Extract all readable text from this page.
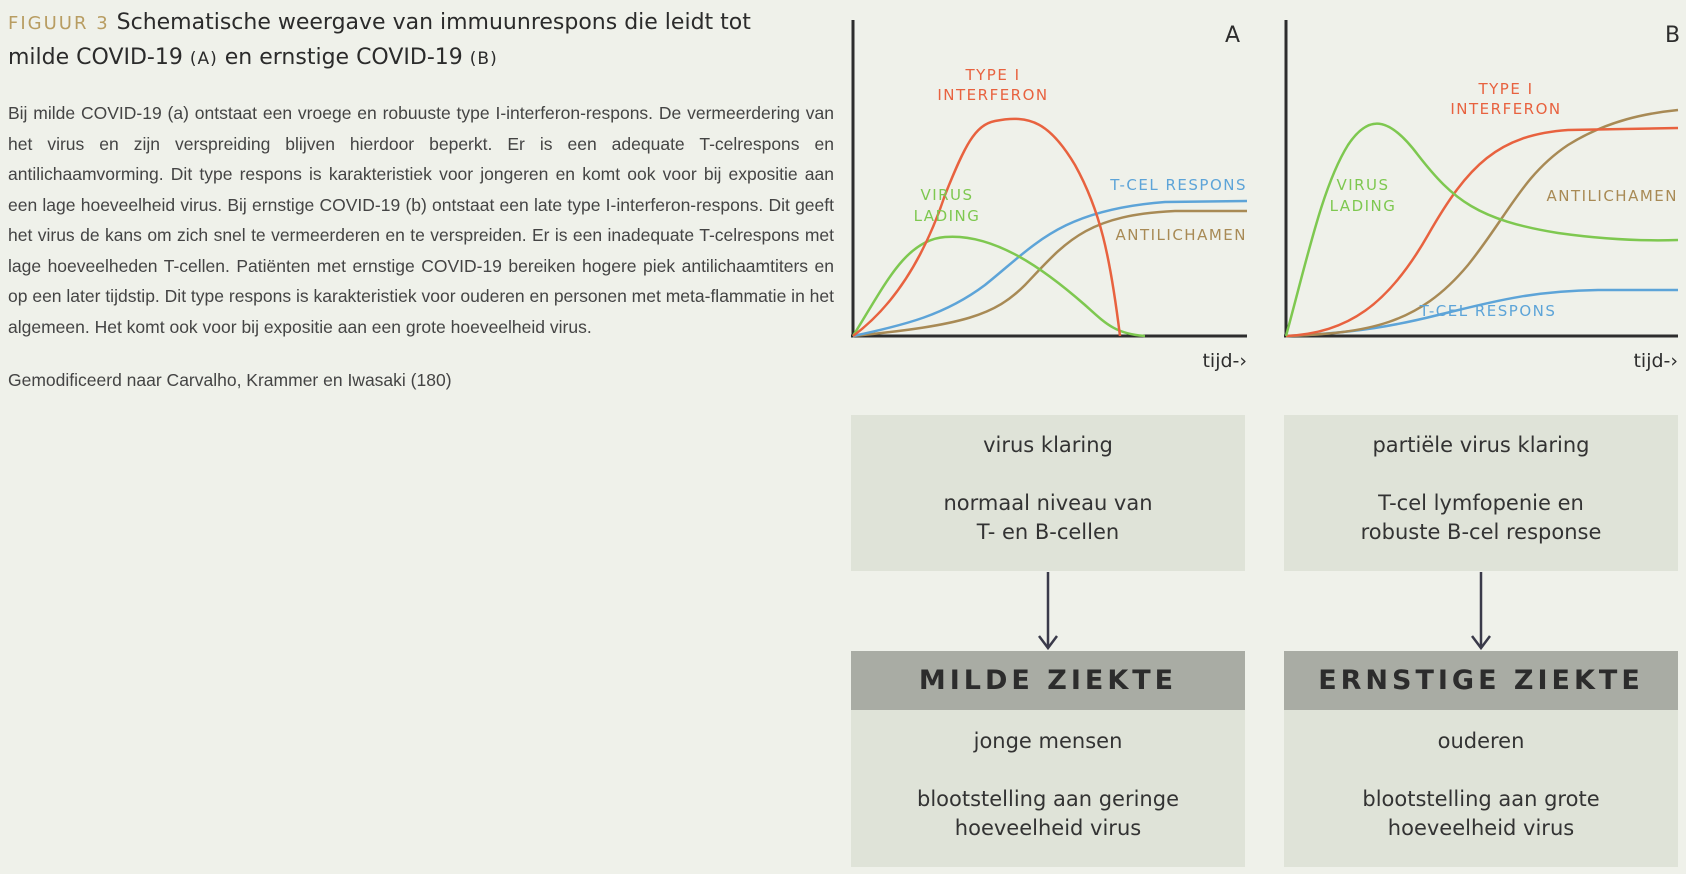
FIGUUR 3 Schematische weergave van immuunrespons die leidt tot milde COVID-19 (A) en ernstige COVID-19 (B)

Bij milde COVID-19 (a) ontstaat een vroege en robuuste type I-interferon-respons. De vermeerdering van het virus en zijn verspreiding blijven hierdoor beperkt. Er is een adequate T-celrespons en antilichaamvorming. Dit type respons is karakteristiek voor jongeren en komt ook voor bij expositie aan een lage hoeveelheid virus. Bij ernstige COVID-19 (b) ontstaat een late type I-interferon-respons. Dit geeft het virus de kans om zich snel te vermeerderen en te verspreiden. Er is een inadequate T-celrespons met lage hoeveelheden T-cellen. Patiënten met ernstige COVID-19 bereiken hogere piek antilichaamtiters en op een later tijdstip. Dit type respons is karakteristiek voor ouderen en personen met meta-flammatie in het algemeen. Het komt ook voor bij expositie aan een grote hoeveelheid virus.

Gemodificeerd naar Carvalho, Krammer en Iwasaki (180)

A
TYPE I
INTERFERON
VIRUS
LADING
T-CEL RESPONS
ANTILICHAMEN
tijd-›
B
TYPE I
INTERFERON
VIRUS
LADING
ANTILICHAMEN
T-CEL RESPONS
tijd-›
virus klaring
normaal niveau van
T- en B-cellen
MILDE ZIEKTE
jonge mensen
blootstelling aan geringe
hoeveelheid virus
partiële virus klaring
T-cel lymfopenie en
robuste B-cel response
ERNSTIGE ZIEKTE
ouderen
blootstelling aan grote
hoeveelheid virus
